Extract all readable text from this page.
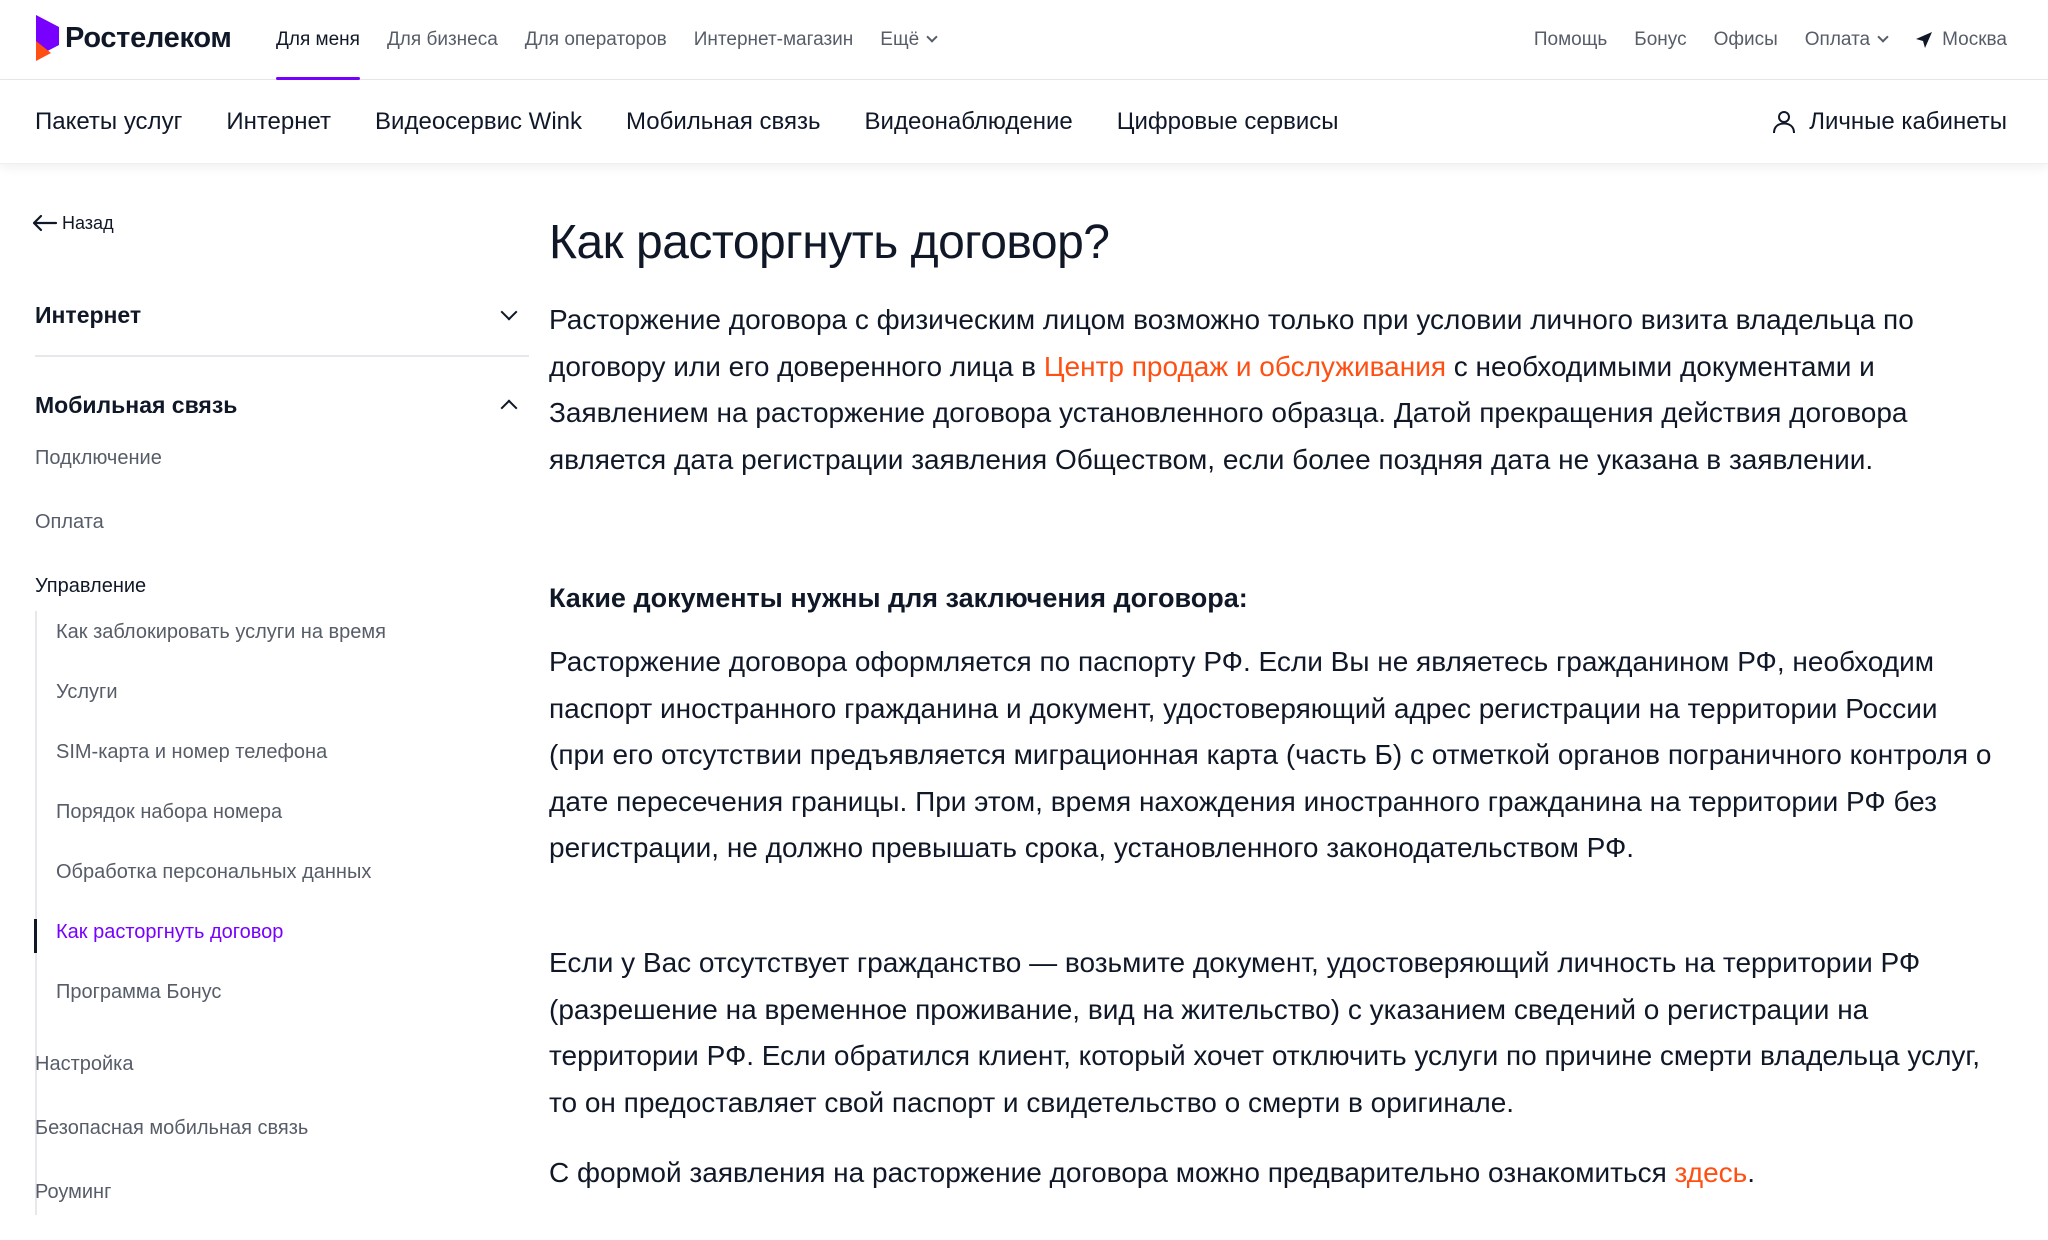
Ростелеком Для меня Для бизнеса Для операторов Интернет-магазин Ещё	Помощь Бонус Офисы Оплата	Москва
Пакеты услуг Интернет Видеосервис Wink Мобильная связь Видеонаблюдение Цифровые сервисы	Личные кабинеты
Назад
Интернет
Мобильная связь
Подключение
Оплата
Управление
Как заблокировать услуги на время
Услуги
SIM-карта и номер телефона
Порядок набора номера
Обработка персональных данных
Как расторгнуть договор
Программа Бонус
Настройка
Безопасная мобильная связь
Роуминг
Как расторгнуть договор?

Расторжение договора с физическим лицом возможно только при условии личного визита владельца по договору или его доверенного лица в Центр продаж и обслуживания с необходимыми документами и Заявлением на расторжение договора установленного образца. Датой прекращения действия договора является дата регистрации заявления Обществом, если более поздняя дата не указана в заявлении.

Какие документы нужны для заключения договора:

Расторжение договора оформляется по паспорту РФ. Если Вы не являетесь гражданином РФ, необходим паспорт иностранного гражданина и документ, удостоверяющий адрес регистрации на территории России (при его отсутствии предъявляется миграционная карта (часть Б) с отметкой органов пограничного контроля о дате пересечения границы. При этом, время нахождения иностранного гражданина на территории РФ без регистрации, не должно превышать срока, установленного законодательством РФ.

Если у Вас отсутствует гражданство — возьмите документ, удостоверяющий личность на территории РФ (разрешение на временное проживание, вид на жительство) с указанием сведений о регистрации на территории РФ. Если обратился клиент, который хочет отключить услуги по причине смерти владельца услуг, то он предоставляет свой паспорт и свидетельство о смерти в оригинале.

С формой заявления на расторжение договора можно предварительно ознакомиться здесь.
